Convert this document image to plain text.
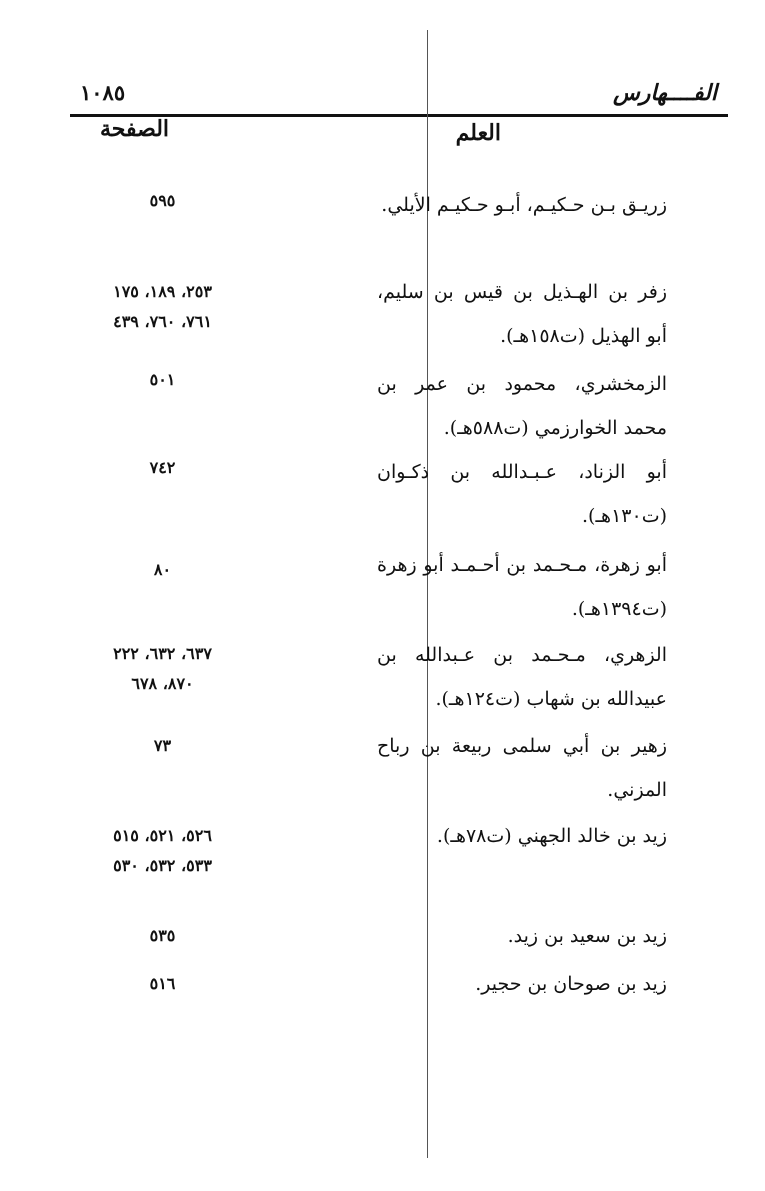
الفــــهارس
١٠٨٥
العلم
الصفحة
زريـق بـن حـكيـم، أبـو حـكيـم الأيلي.
٥٩٥
زفر بن الهـذيل بن قيس بن سليم، أبو الهذيل (ت١٥٨هـ).
٢٥٣، ١٨٩، ١٧٥
٧٦١، ٧٦٠، ٤٣٩
الزمخشري، محمود بن عمر بن محمد الخوارزمي (ت٥٨٨هـ).
٥٠١
أبو الزناد، عـبـدالله بن ذكـوان (ت١٣٠هـ).
٧٤٢
أبو زهرة، مـحـمد بن أحـمـد أبو زهرة (ت١٣٩٤هـ).
٨٠
الزهري، مـحـمد بن عـبدالله بن عبيدالله بن شهاب (ت١٢٤هـ).
٦٣٧، ٦٣٢، ٢٢٢
٨٧٠، ٦٧٨
زهير بن أبي سلمى ربيعة بن رباح المزني.
٧٣
زيد بن خالد الجهني (ت٧٨هـ).
٥٢٦، ٥٢١، ٥١٥
٥٣٣، ٥٣٢، ٥٣٠
زيد بن سعيد بن زيد.
٥٣٥
زيد بن صوحان بن حجير.
٥١٦
